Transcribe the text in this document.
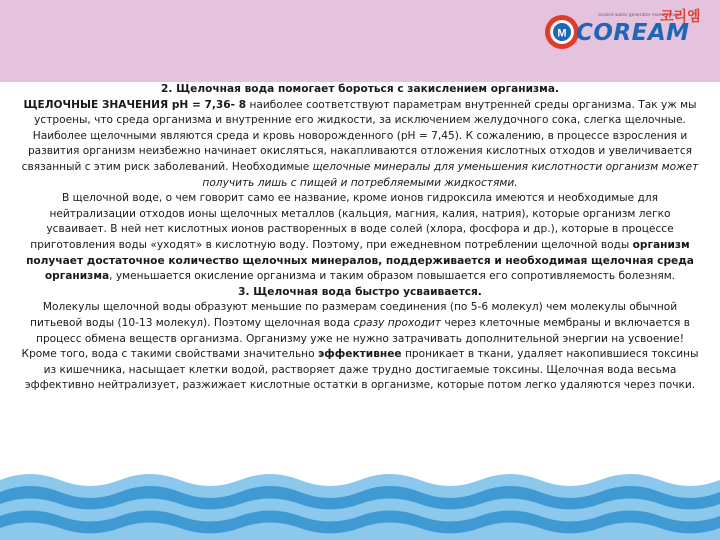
M
ionized water generator manufacturer
코리엠
COREAM

2. Щелочная вода помогает бороться с закислением организма.

ЩЕЛОЧНЫЕ ЗНАЧЕНИЯ рН = 7,36- 8 наиболее соответствуют параметрам внутренней среды организма. Так уж мы устроены, что среда организма и внутренние его жидкости, за исключением желудочного сока, слегка щелочные. Наиболее щелочными являются среда и кровь новорожденного (рН = 7,45). К сожалению, в процессе взросления и развития организм неизбежно начинает окисляться, накапливаются отложения кислотных отходов и увеличивается связанный с этим риск заболеваний. Необходимые щелочные минералы для уменьшения кислотности организм может получить лишь с пищей и потребляемыми жидкостями.

В щелочной воде, о чем говорит само ее название, кроме ионов гидроксила имеются и необходимые для нейтрализации отходов ионы щелочных металлов (кальция, магния, калия, натрия), которые организм легко усваивает. В ней нет кислотных ионов растворенных в воде солей (хлора, фосфора и др.), которые в процессе приготовления воды «уходят» в кислотную воду. Поэтому, при ежедневном потреблении щелочной воды организм получает достаточное количество щелочных минералов, поддерживается и необходимая щелочная среда организма, уменьшается окисление организма и таким образом повышается его сопротивляемость болезням.

3. Щелочная вода быстро усваивается.

Молекулы щелочной воды образуют меньшие по размерам соединения (по 5-6 молекул) чем молекулы обычной питьевой воды (10-13 молекул). Поэтому щелочная вода сразу проходит через клеточные мембраны и включается в процесс обмена веществ организма. Организму уже не нужно затрачивать дополнительной энергии на усвоение! Кроме того, вода с такими свойствами значительно эффективнее проникает в ткани, удаляет накопившиеся токсины из кишечника, насыщает клетки водой, растворяет даже трудно достигаемые токсины. Щелочная вода весьма эффективно нейтрализует, разжижает кислотные остатки в организме, которые потом легко удаляются через почки.
